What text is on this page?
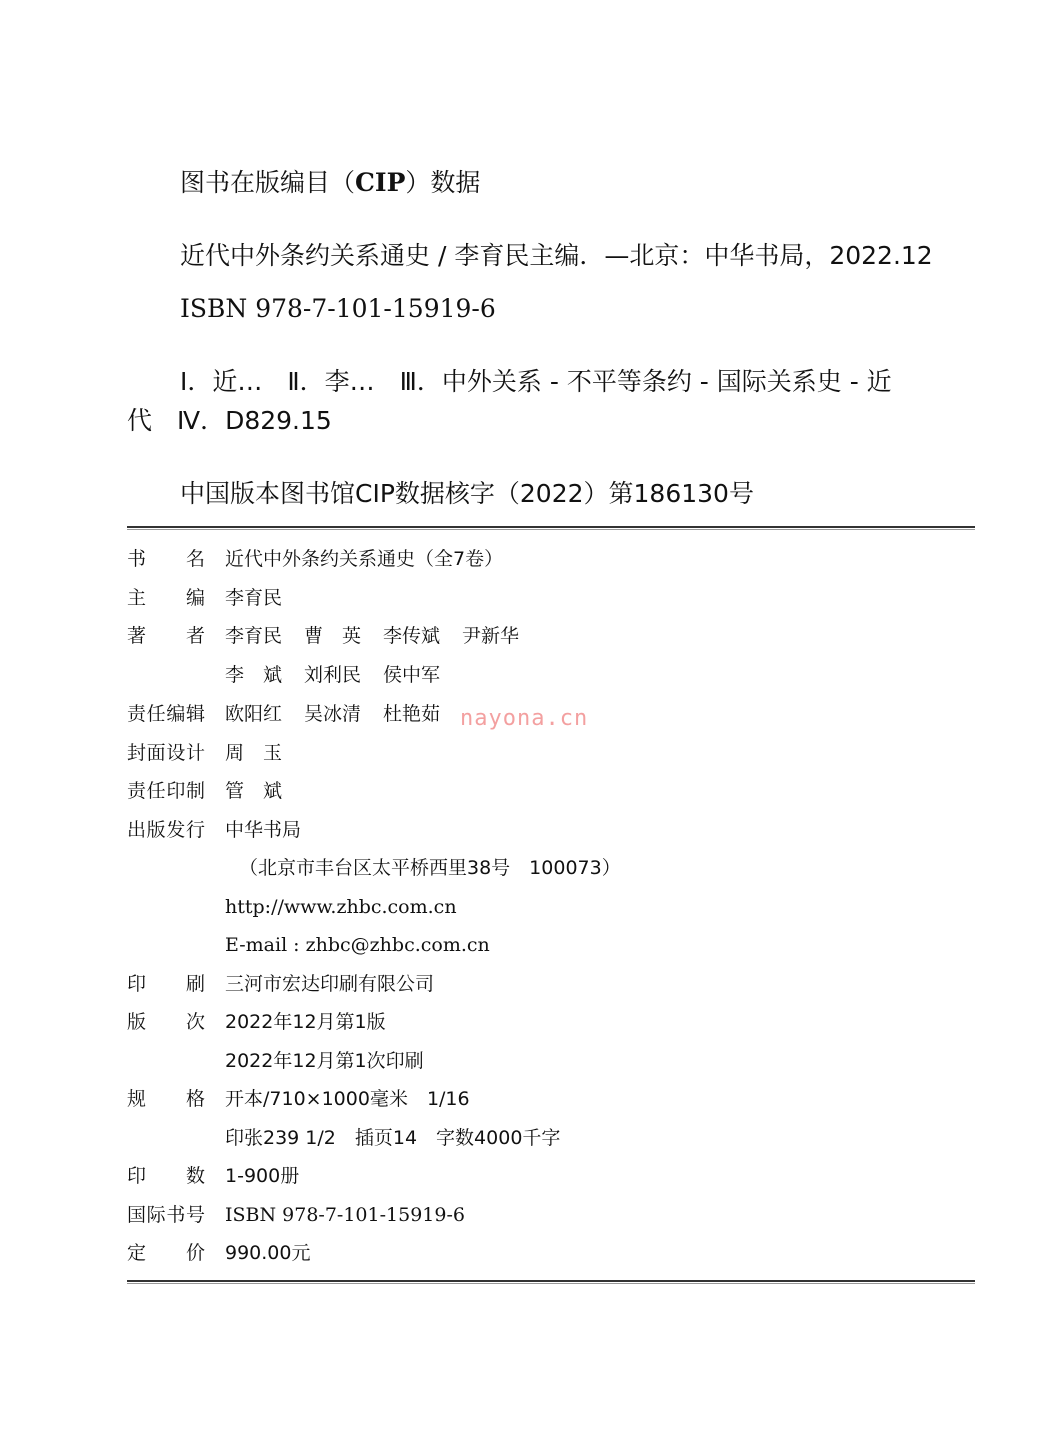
图书在版编目（CIP）数据
近代中外条约关系通史 / 李育民主编．—北京：中华书局，2022.12
ISBN 978-7-101-15919-6
Ⅰ．近…　Ⅱ．李…　Ⅲ．中外关系 - 不平等条约 - 国际关系史 - 近
代　Ⅳ．D829.15
中国版本图书馆CIP数据核字（2022）第186130号
书　名 近代中外条约关系通史（全7卷）
主　编 李育民
著　者 李育民 曹　英 李传斌 尹新华
李　斌 刘利民 侯中军
责任编辑 欧阳红 吴冰清 杜艳茹
封面设计 周　玉
责任印制 管　斌
出版发行 中华书局
（北京市丰台区太平桥西里38号　100073）
http://www.zhbc.com.cn
E-mail : zhbc@zhbc.com.cn
印　刷 三河市宏达印刷有限公司
版　次 2022年12月第1版
2022年12月第1次印刷
规　格 开本/710×1000毫米　1/16
印张239 1/2　插页14　字数4000千字
印　数 1-900册
国际书号 ISBN 978-7-101-15919-6
定　价 990.00元
nayona.cn
